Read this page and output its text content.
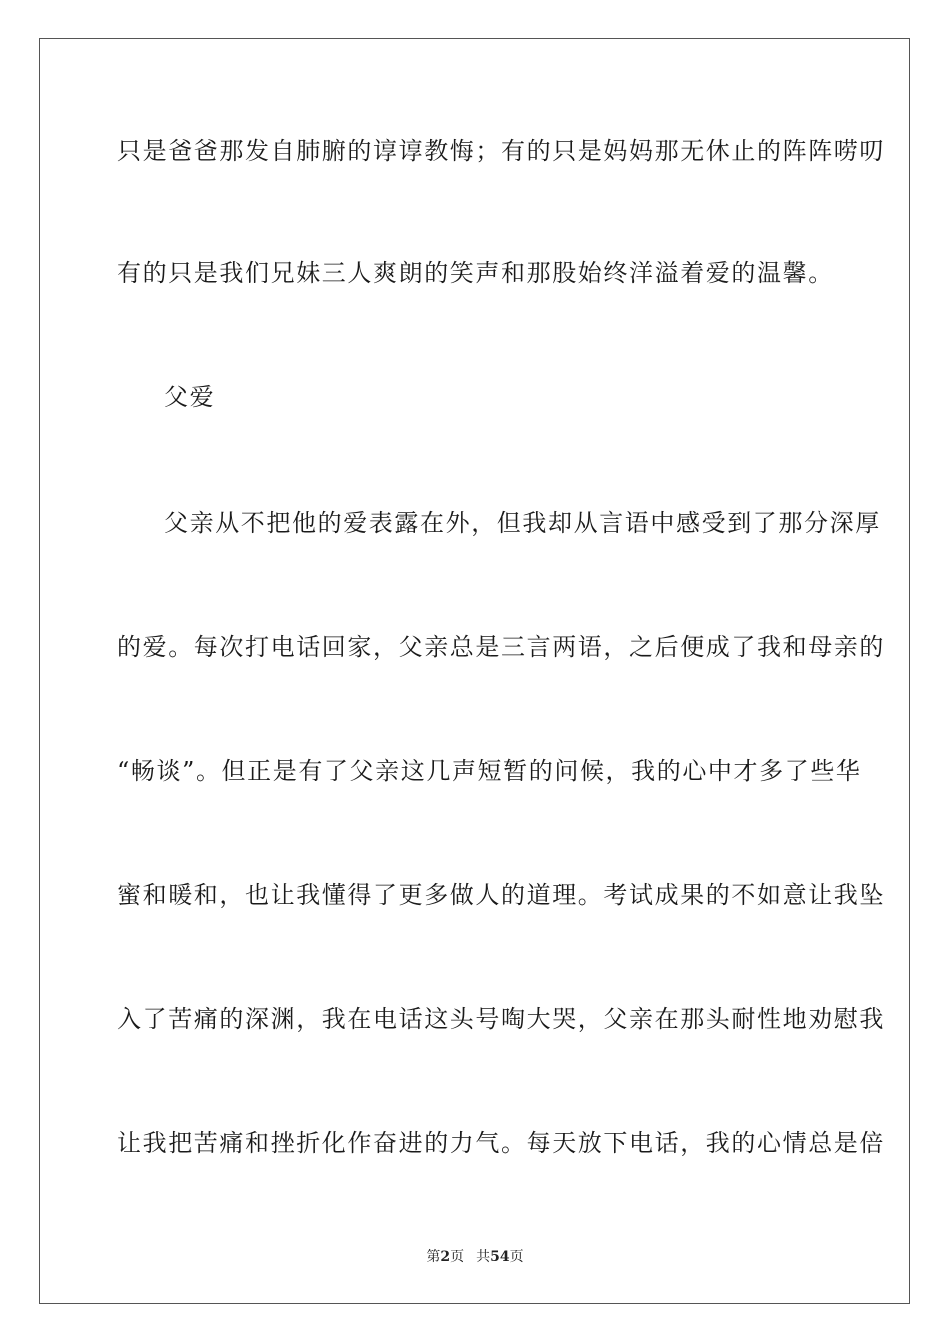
只是爸爸那发自肺腑的谆谆教悔；有的只是妈妈那无休止的阵阵唠叨
有的只是我们兄妹三人爽朗的笑声和那股始终洋溢着爱的温馨。
父爱
父亲从不把他的爱表露在外，但我却从言语中感受到了那分深厚
的爱。每次打电话回家，父亲总是三言两语，之后便成了我和母亲的
“畅谈”。但正是有了父亲这几声短暂的问候，我的心中才多了些华
蜜和暖和，也让我懂得了更多做人的道理。考试成果的不如意让我坠
入了苦痛的深渊，我在电话这头号啕大哭，父亲在那头耐性地劝慰我
让我把苦痛和挫折化作奋进的力气。每天放下电话，我的心情总是倍
第2页 共54页
